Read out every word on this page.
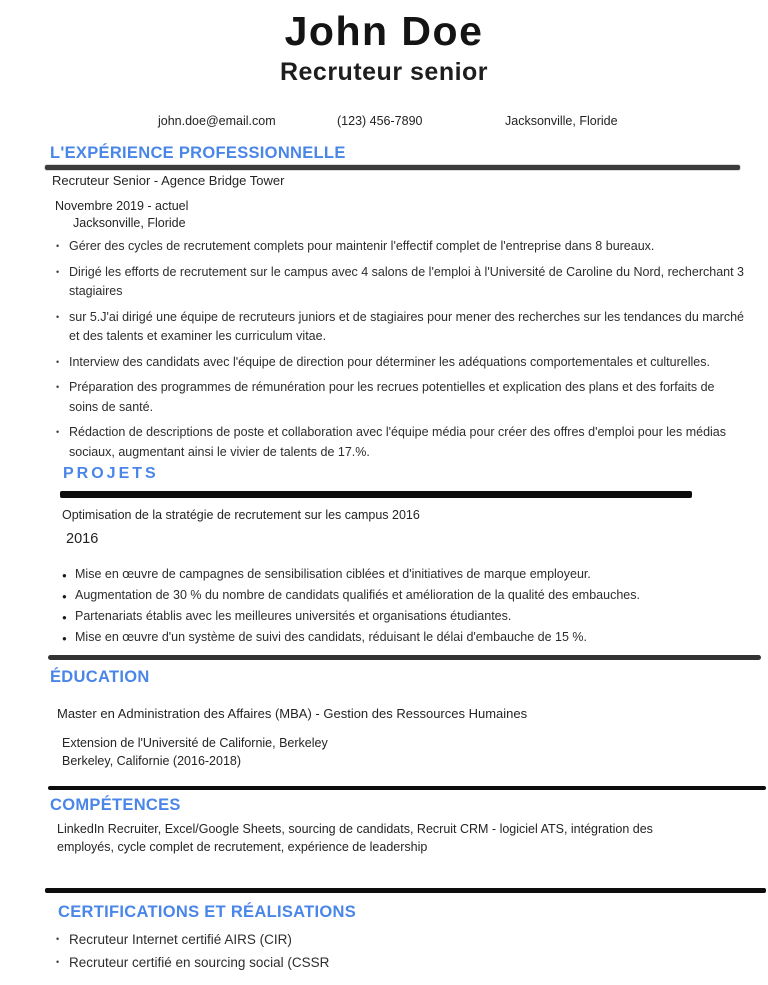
John Doe
Recruteur senior
john.doe@email.com	(123) 456-7890	Jacksonville, Floride
L'EXPÉRIENCE PROFESSIONNELLE

Recruteur Senior - Agence Bridge Tower

Novembre 2019 - actuel

Jacksonville, Floride

• Gérer des cycles de recrutement complets pour maintenir l'effectif complet de l'entreprise dans 8 bureaux.
• Dirigé les efforts de recrutement sur le campus avec 4 salons de l'emploi à l'Université de Caroline du Nord, recherchant 3 stagiaires
• sur 5.J'ai dirigé une équipe de recruteurs juniors et de stagiaires pour mener des recherches sur les tendances du marché et des talents et examiner les curriculum vitae.
• Interview des candidats avec l'équipe de direction pour déterminer les adéquations comportementales et culturelles.
• Préparation des programmes de rémunération pour les recrues potentielles et explication des plans et des forfaits de soins de santé.
• Rédaction de descriptions de poste et collaboration avec l'équipe média pour créer des offres d'emploi pour les médias sociaux, augmentant ainsi le vivier de talents de 17.%.
PROJETS

Optimisation de la stratégie de recrutement sur les campus 2016

2016

● Mise en œuvre de campagnes de sensibilisation ciblées et d'initiatives de marque employeur.
● Augmentation de 30 % du nombre de candidats qualifiés et amélioration de la qualité des embauches.
● Partenariats établis avec les meilleures universités et organisations étudiantes.
● Mise en œuvre d'un système de suivi des candidats, réduisant le délai d'embauche de 15 %.
ÉDUCATION

Master en Administration des Affaires (MBA) - Gestion des Ressources Humaines

Extension de l'Université de Californie, Berkeley

Berkeley, Californie (2016-2018)

COMPÉTENCES

LinkedIn Recruiter, Excel/Google Sheets, sourcing de candidats, Recruit CRM - logiciel ATS, intégration des employés, cycle complet de recrutement, expérience de leadership

CERTIFICATIONS ET RÉALISATIONS
• Recruteur Internet certifié AIRS (CIR)
• Recruteur certifié en sourcing social (CSSR
